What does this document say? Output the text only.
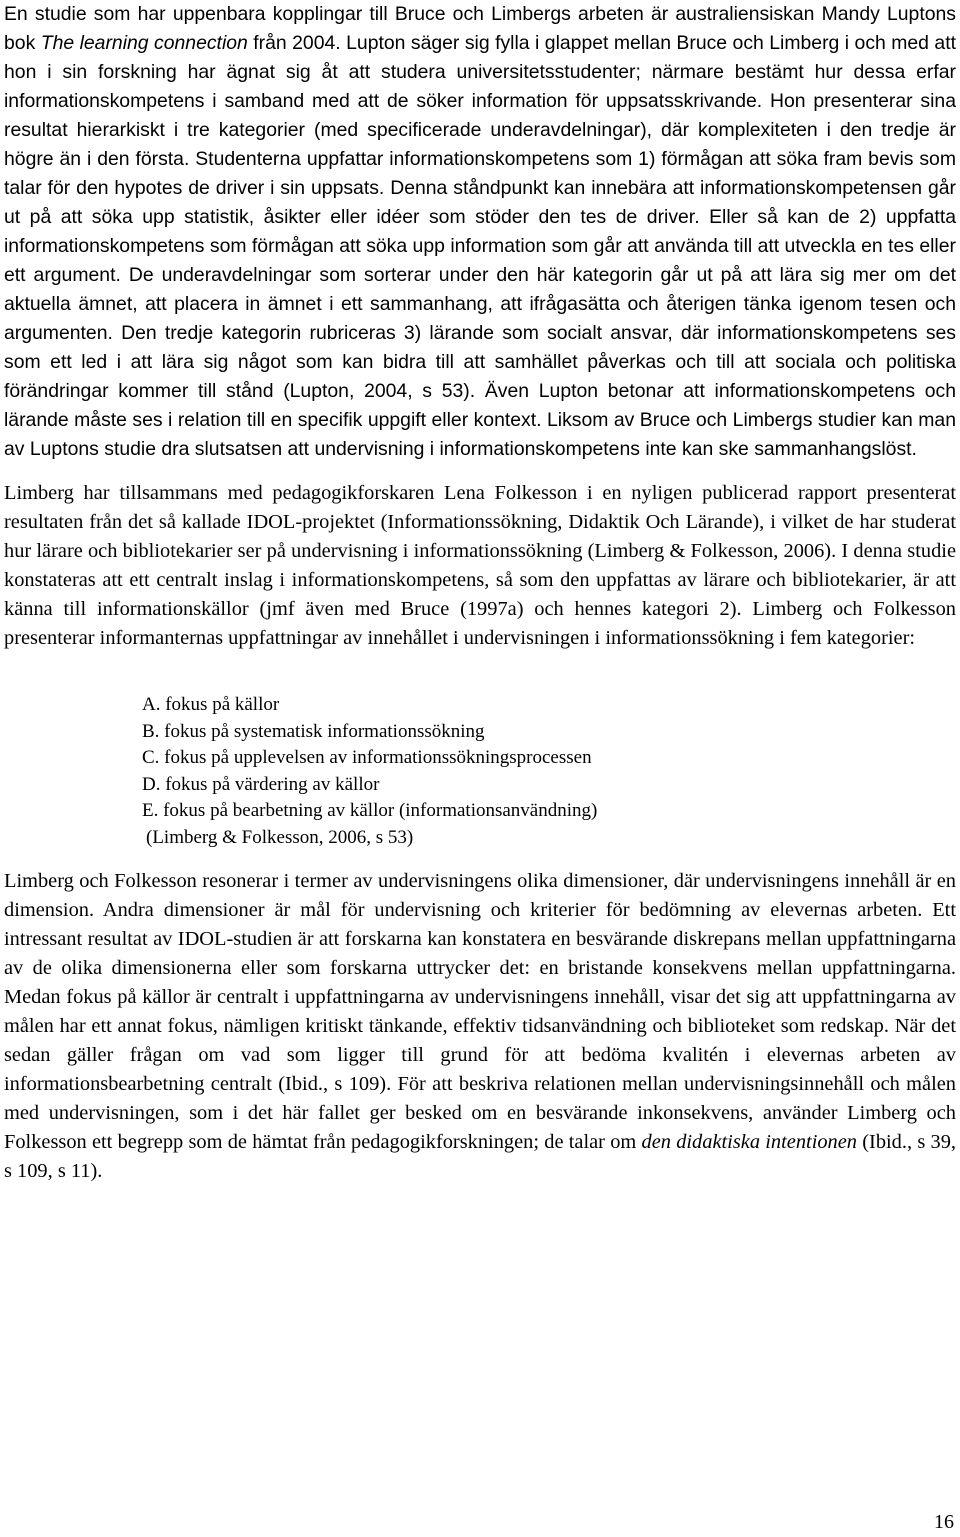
En studie som har uppenbara kopplingar till Bruce och Limbergs arbeten är australiensiskan Mandy Luptons bok The learning connection från 2004. Lupton säger sig fylla i glappet mellan Bruce och Limberg i och med att hon i sin forskning har ägnat sig åt att studera universitetsstudenter; närmare bestämt hur dessa erfar informationskompetens i samband med att de söker information för uppsatsskrivande. Hon presenterar sina resultat hierarkiskt i tre kategorier (med specificerade underavdelningar), där komplexiteten i den tredje är högre än i den första. Studenterna uppfattar informationskompetens som 1) förmågan att söka fram bevis som talar för den hypotes de driver i sin uppsats. Denna ståndpunkt kan innebära att informationskompetensen går ut på att söka upp statistik, åsikter eller idéer som stöder den tes de driver. Eller så kan de 2) uppfatta informationskompetens som förmågan att söka upp information som går att använda till att utveckla en tes eller ett argument. De underavdelningar som sorterar under den här kategorin går ut på att lära sig mer om det aktuella ämnet, att placera in ämnet i ett sammanhang, att ifrågasätta och återigen tänka igenom tesen och argumenten. Den tredje kategorin rubriceras 3) lärande som socialt ansvar, där informationskompetens ses som ett led i att lära sig något som kan bidra till att samhället påverkas och till att sociala och politiska förändringar kommer till stånd (Lupton, 2004, s 53). Även Lupton betonar att informationskompetens och lärande måste ses i relation till en specifik uppgift eller kontext. Liksom av Bruce och Limbergs studier kan man av Luptons studie dra slutsatsen att undervisning i informationskompetens inte kan ske sammanhangslöst.

Limberg har tillsammans med pedagogikforskaren Lena Folkesson i en nyligen publicerad rapport presenterat resultaten från det så kallade IDOL-projektet (Informationssökning, Didaktik Och Lärande), i vilket de har studerat hur lärare och bibliotekarier ser på undervisning i informationssökning (Limberg & Folkesson, 2006). I denna studie konstateras att ett centralt inslag i informationskompetens, så som den uppfattas av lärare och bibliotekarier, är att känna till informationskällor (jmf även med Bruce (1997a) och hennes kategori 2). Limberg och Folkesson presenterar informanternas uppfattningar av innehållet i undervisningen i informationssökning i fem kategorier:

A. fokus på källor
B. fokus på systematisk informationssökning
C. fokus på upplevelsen av informationssökningsprocessen
D. fokus på värdering av källor
E. fokus på bearbetning av källor (informationsanvändning)
(Limberg & Folkesson, 2006, s 53)

Limberg och Folkesson resonerar i termer av undervisningens olika dimensioner, där undervisningens innehåll är en dimension. Andra dimensioner är mål för undervisning och kriterier för bedömning av elevernas arbeten. Ett intressant resultat av IDOL-studien är att forskarna kan konstatera en besvärande diskrepans mellan uppfattningarna av de olika dimensionerna eller som forskarna uttrycker det: en bristande konsekvens mellan uppfattningarna. Medan fokus på källor är centralt i uppfattningarna av undervisningens innehåll, visar det sig att uppfattningarna av målen har ett annat fokus, nämligen kritiskt tänkande, effektiv tidsanvändning och biblioteket som redskap. När det sedan gäller frågan om vad som ligger till grund för att bedöma kvalitén i elevernas arbeten av informationsbearbetning centralt (Ibid., s 109). För att beskriva relationen mellan undervisningsinnehåll och målen med undervisningen, som i det här fallet ger besked om en besvärande inkonsekvens, använder Limberg och Folkesson ett begrepp som de hämtat från pedagogikforskningen; de talar om den didaktiska intentionen (Ibid., s 39, s 109, s 11).

16
